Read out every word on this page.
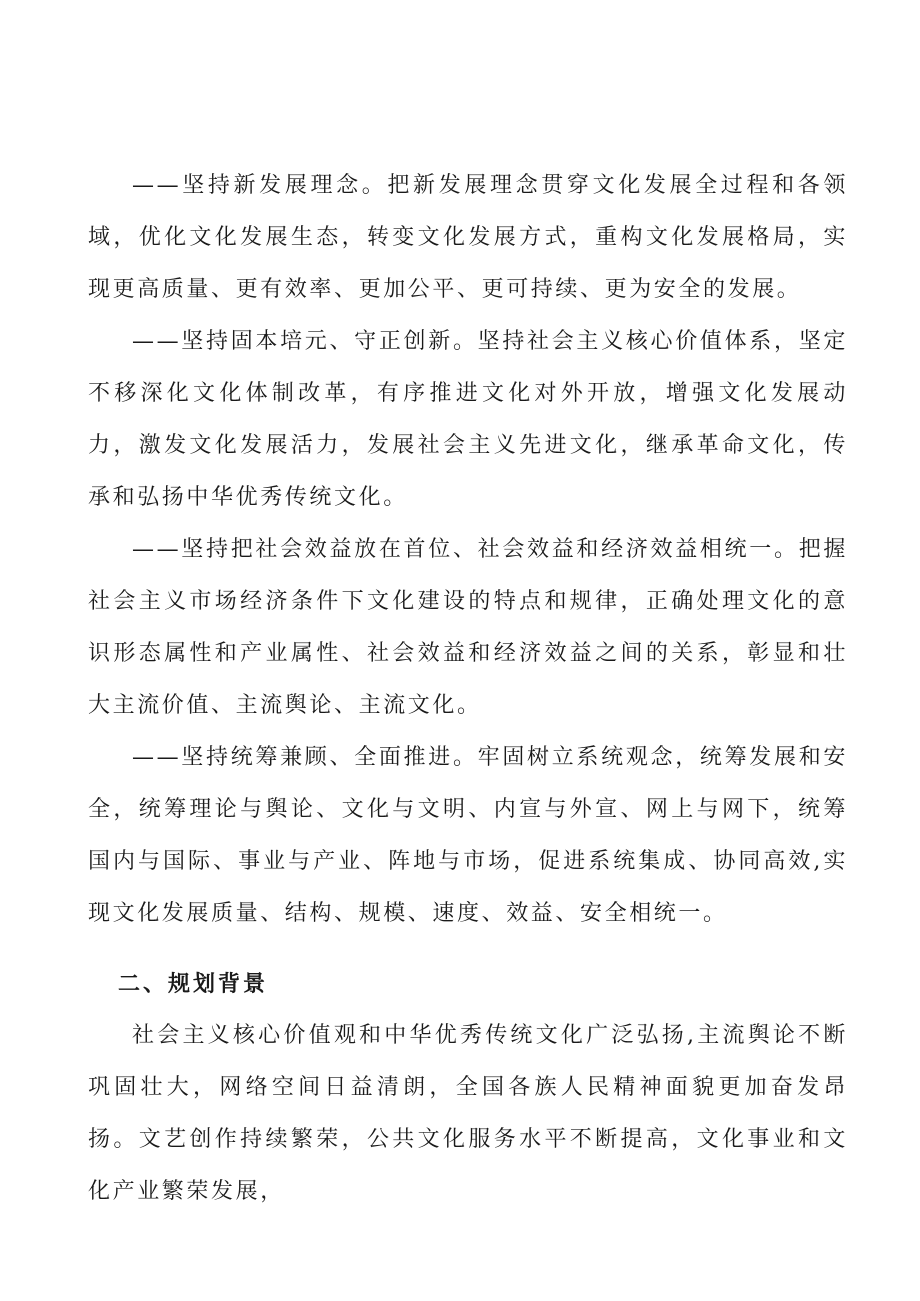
——坚持新发展理念。把新发展理念贯穿文化发展全过程和各领域，优化文化发展生态，转变文化发展方式，重构文化发展格局，实现更高质量、更有效率、更加公平、更可持续、更为安全的发展。

——坚持固本培元、守正创新。坚持社会主义核心价值体系，坚定不移深化文化体制改革，有序推进文化对外开放，增强文化发展动力，激发文化发展活力，发展社会主义先进文化，继承革命文化，传承和弘扬中华优秀传统文化。

——坚持把社会效益放在首位、社会效益和经济效益相统一。把握社会主义市场经济条件下文化建设的特点和规律，正确处理文化的意识形态属性和产业属性、社会效益和经济效益之间的关系，彰显和壮大主流价值、主流舆论、主流文化。

——坚持统筹兼顾、全面推进。牢固树立系统观念，统筹发展和安全，统筹理论与舆论、文化与文明、内宣与外宣、网上与网下，统筹国内与国际、事业与产业、阵地与市场，促进系统集成、协同高效,实现文化发展质量、结构、规模、速度、效益、安全相统一。

二、规划背景

社会主义核心价值观和中华优秀传统文化广泛弘扬,主流舆论不断巩固壮大，网络空间日益清朗，全国各族人民精神面貌更加奋发昂扬。文艺创作持续繁荣，公共文化服务水平不断提高，文化事业和文化产业繁荣发展，
